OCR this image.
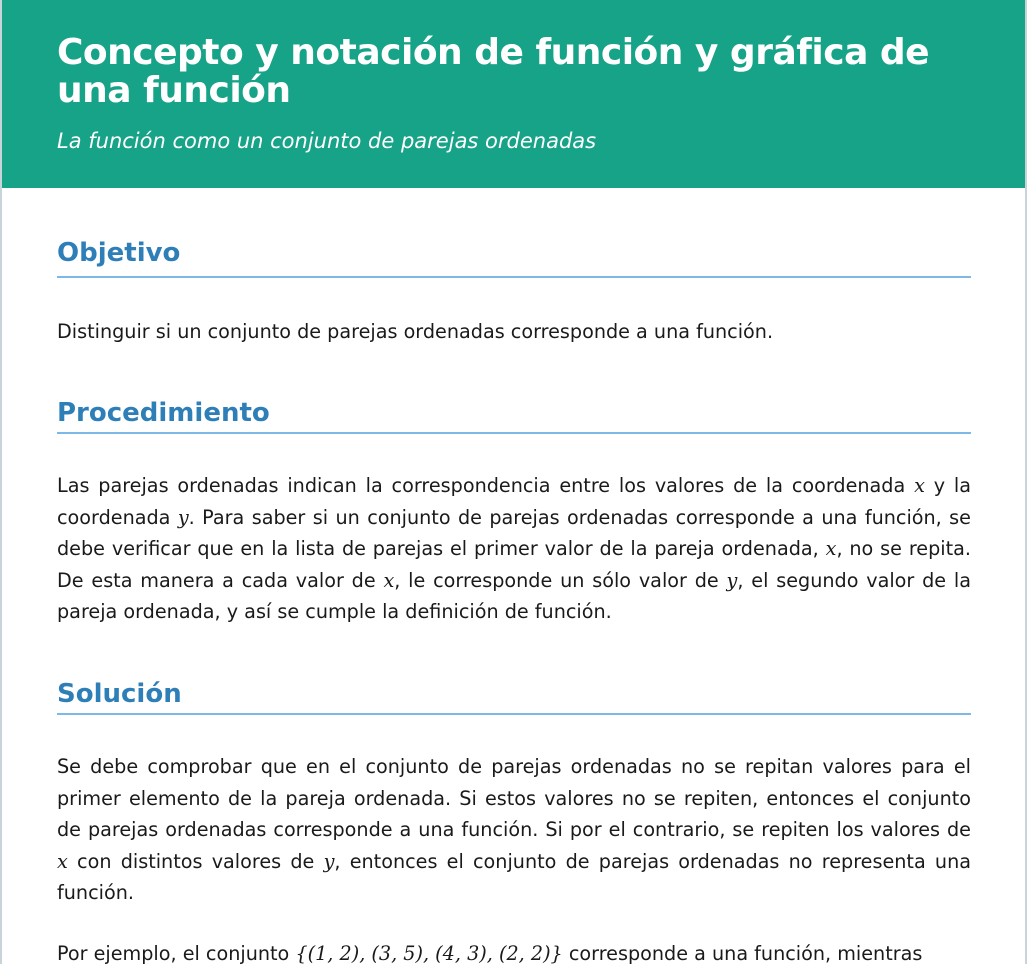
Concepto y notación de función y gráfica de una función
La función como un conjunto de parejas ordenadas
Objetivo

Distinguir si un conjunto de parejas ordenadas corresponde a una función.

Procedimiento

Las parejas ordenadas indican la correspondencia entre los valores de la coordenada x y la coordenada y. Para saber si un conjunto de parejas ordenadas corresponde a una función, se debe verificar que en la lista de parejas el primer valor de la pareja ordenada, x, no se repita. De esta manera a cada valor de x, le corresponde un sólo valor de y, el segundo valor de la pareja ordenada, y así se cumple la definición de función.

Solución

Se debe comprobar que en el conjunto de parejas ordenadas no se repitan valores para el primer elemento de la pareja ordenada. Si estos valores no se repiten, entonces el conjunto de parejas ordenadas corresponde a una función. Si por el contrario, se repiten los valores de x con distintos valores de y, entonces el conjunto de parejas ordenadas no representa una función.

Por ejemplo, el conjunto {(1, 2), (3, 5), (4, 3), (2, 2)} corresponde a una función, mientras
